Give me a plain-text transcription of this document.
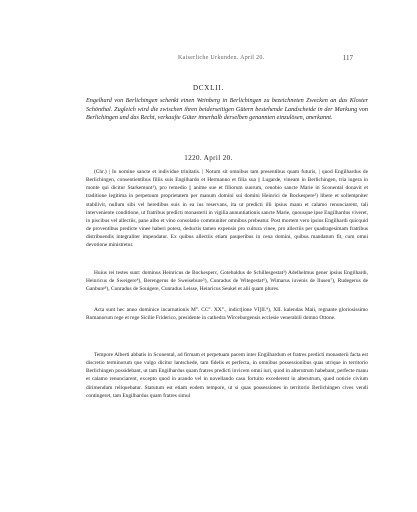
Kaiserliche Urkunden. April 20.	117
DCXLII.
Engelhard von Berlichingen schenkt einen Weinberg in Berlichingen zu bezeichneten Zwecken an das Kloster Schönthal. Zugleich wird die zwischen ihren beiderseitigen Gütern bestehende Landscheide in der Markung von Berlichingen und das Recht, verkaufte Güter innerhalb derselben genannten einzulösen, anerkannt.
1220. April 20.

(Chr.) | In nomine sancte et individue trinitatis. | Notum sit omnibus tam presentibus quam futuris, | quod Engilhardus de Berlichingen, consentientibus filiis suis Engilhardo et Hermanno et filia sua || Lugarde, vineam in Berlichingen, tria iugera in monte qui dicitur Starkemunt¹), pro remedio || anime sue et filiorum suorum, cenobio sancte Marie in Sconental donavit et traditione legitima in perpetuum proprietatem per manum domini sui domini Heinrici de Bockespere²) libere et sollempniter stabilivit, nullum sibi vel heredibus suis in ea ius reservans, ita ut predicti illi ipsius manu et calamo renunciarent, tali interveniente conditione, ut fratribus predicti monasterii in vigilia annuntiationis sancte Marie, quousque ipse Engilhardus viveret, in piscibus vel allectiis, pane albo et vino consolatio communiter omnibus prebeatur. Post mortem vero ipsius Engilhardi quicquid de proventibus predicte vinee haberi potest, deductis tamen expensis pro cultura vinee, pro allectiis per quadragesimam fratribus distribuendis integraliter impendatur. Ex quibus allectiis etiam pauperibus in cena domini, quibus mandatum fit, cum omni devotione ministretur.

Huius rei testes sunt: dominus Heinricus de Bockesperc, Gotebaldus de Schillesgestat³) Adelhelmus gener ipsius Engilhardi, Heinricus de Sweigere⁴), Berengerus de Sweisebure⁵), Cunradus de Witegestat⁶), Wimarus iuvenis de Ilusen⁷), Rudegerus de Ganbure⁸), Cunradus de Souigere, Cunradus Leisse, Heinricus Seukel et alii quam plures.

Acta sunt hec anno dominice incarnationis M°. CC°. XX°., indict[ione VI]II.⁹), XII. kalendas Maii, regnante gloriosissimo Romanorum rege et rege Sicilie Friderico, presidente in cathedra Wirceburgensis ecclesie venerabili domno Ottone.

Tempore Alberti abbatis in Sconental, ad firmam et perpetuam pacem inter Engilhardum et fratres predicti monasterii facta est discretio terminorum que vulgo dicitur lantschede, tam fidelis et perfecta, in omnibus possessionibus quas utrique in territorio Berlichingen possidebant, ut tam Engilhardus quam fratres predicti invicem omni iuri, quod in alterutrum habebant, perfecte manu et calamo renunciarent, excepto quod in arando vel in novellando casu fortuito excederent in alterutrum, quod noticie civium dirimendum reliquebatur. Statutum est etiam eodem tempore, ut si quas possessiones in territorio Berlichingen cives vendi contingeret, tam Engilhardus quam fratres simul
